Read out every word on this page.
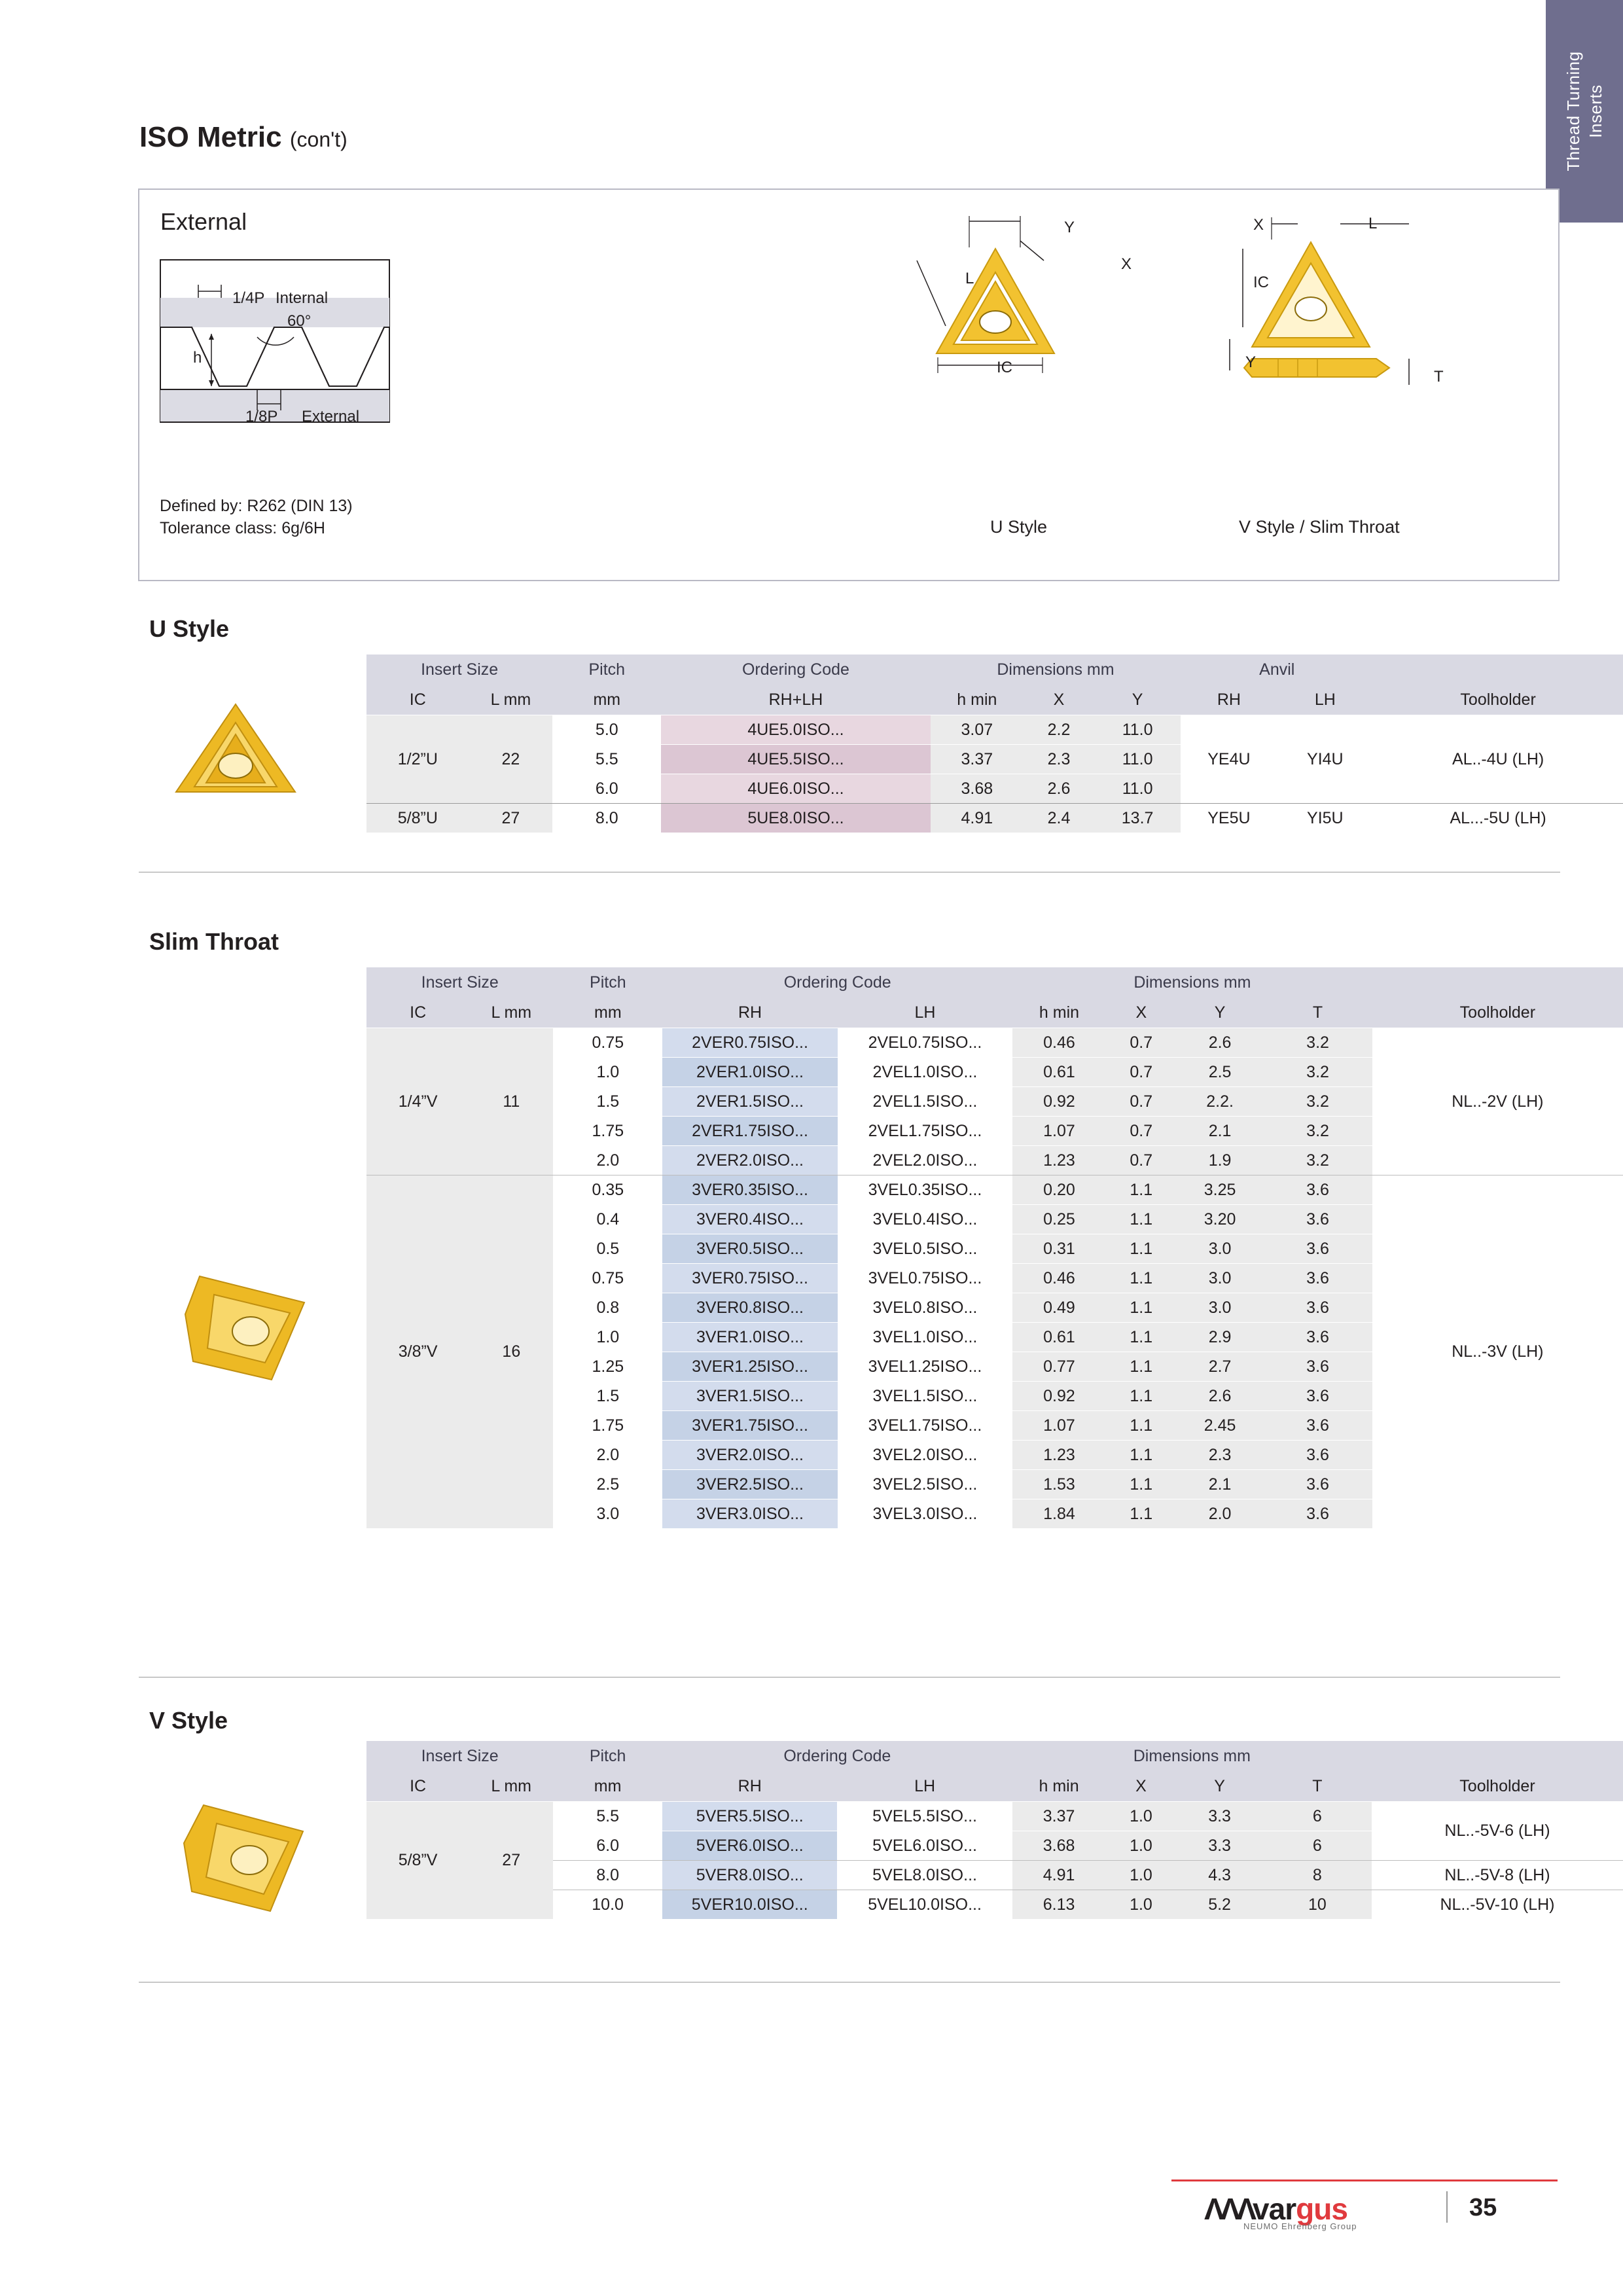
Thread Turning Inserts
ISO Metric (con't)
External
1/4P Internal
60°
h
1/8P External
Y
X
L
IC
U Style
X	L
IC
Y
T
V Style / Slim Throat
Defined by: R262 (DIN 13)
Tolerance class: 6g/6H
U Style
Insert Size		Pitch	Ordering Code	Dimensions mm			Anvil		
IC	L mm	mm	RH+LH	h min	X	Y	RH	LH	Toolholder
1/2”U	22	5.0	4UE5.0ISO...	3.07	2.2	11.0	YE4U	YI4U	AL..-4U (LH)
		5.5	4UE5.5ISO...	3.37	2.3	11.0			
		6.0	4UE6.0ISO...	3.68	2.6	11.0			
5/8”U	27	8.0	5UE8.0ISO...	4.91	2.4	13.7	YE5U	YI5U	AL...-5U (LH)
Slim Throat
Insert Size		Pitch	Ordering Code		Dimensions mm				
IC	L mm	mm	RH	LH	h min	X	Y	T	Toolholder
1/4”V	11	0.75	2VER0.75ISO...	2VEL0.75ISO...	0.46	0.7	2.6	3.2	NL..-2V (LH)
		1.0	2VER1.0ISO...	2VEL1.0ISO...	0.61	0.7	2.5	3.2	
		1.5	2VER1.5ISO...	2VEL1.5ISO...	0.92	0.7	2.2.	3.2	
		1.75	2VER1.75ISO...	2VEL1.75ISO...	1.07	0.7	2.1	3.2	
		2.0	2VER2.0ISO...	2VEL2.0ISO...	1.23	0.7	1.9	3.2	
3/8”V	16	0.35	3VER0.35ISO...	3VEL0.35ISO...	0.20	1.1	3.25	3.6	NL..-3V (LH)
		0.4	3VER0.4ISO...	3VEL0.4ISO...	0.25	1.1	3.20	3.6	
		0.5	3VER0.5ISO...	3VEL0.5ISO...	0.31	1.1	3.0	3.6	
		0.75	3VER0.75ISO...	3VEL0.75ISO...	0.46	1.1	3.0	3.6	
		0.8	3VER0.8ISO...	3VEL0.8ISO...	0.49	1.1	3.0	3.6	
		1.0	3VER1.0ISO...	3VEL1.0ISO...	0.61	1.1	2.9	3.6	
		1.25	3VER1.25ISO...	3VEL1.25ISO...	0.77	1.1	2.7	3.6	
		1.5	3VER1.5ISO...	3VEL1.5ISO...	0.92	1.1	2.6	3.6	
		1.75	3VER1.75ISO...	3VEL1.75ISO...	1.07	1.1	2.45	3.6	
		2.0	3VER2.0ISO...	3VEL2.0ISO...	1.23	1.1	2.3	3.6	
		2.5	3VER2.5ISO...	3VEL2.5ISO...	1.53	1.1	2.1	3.6	
		3.0	3VER3.0ISO...	3VEL3.0ISO...	1.84	1.1	2.0	3.6	
V Style
Insert Size		Pitch	Ordering Code		Dimensions mm				
IC	L mm	mm	RH	LH	h min	X	Y	T	Toolholder
5/8”V	27	5.5	5VER5.5ISO...	5VEL5.5ISO...	3.37	1.0	3.3	6	NL..-5V-6 (LH)
		6.0	5VER6.0ISO...	5VEL6.0ISO...	3.68	1.0	3.3	6	
		8.0	5VER8.0ISO...	5VEL8.0ISO...	4.91	1.0	4.3	8	NL..-5V-8 (LH)
		10.0	5VER10.0ISO...	5VEL10.0ISO...	6.13	1.0	5.2	10	NL..-5V-10 (LH)
ΛΛΛvargus
NEUMO Ehrenberg Group
35
